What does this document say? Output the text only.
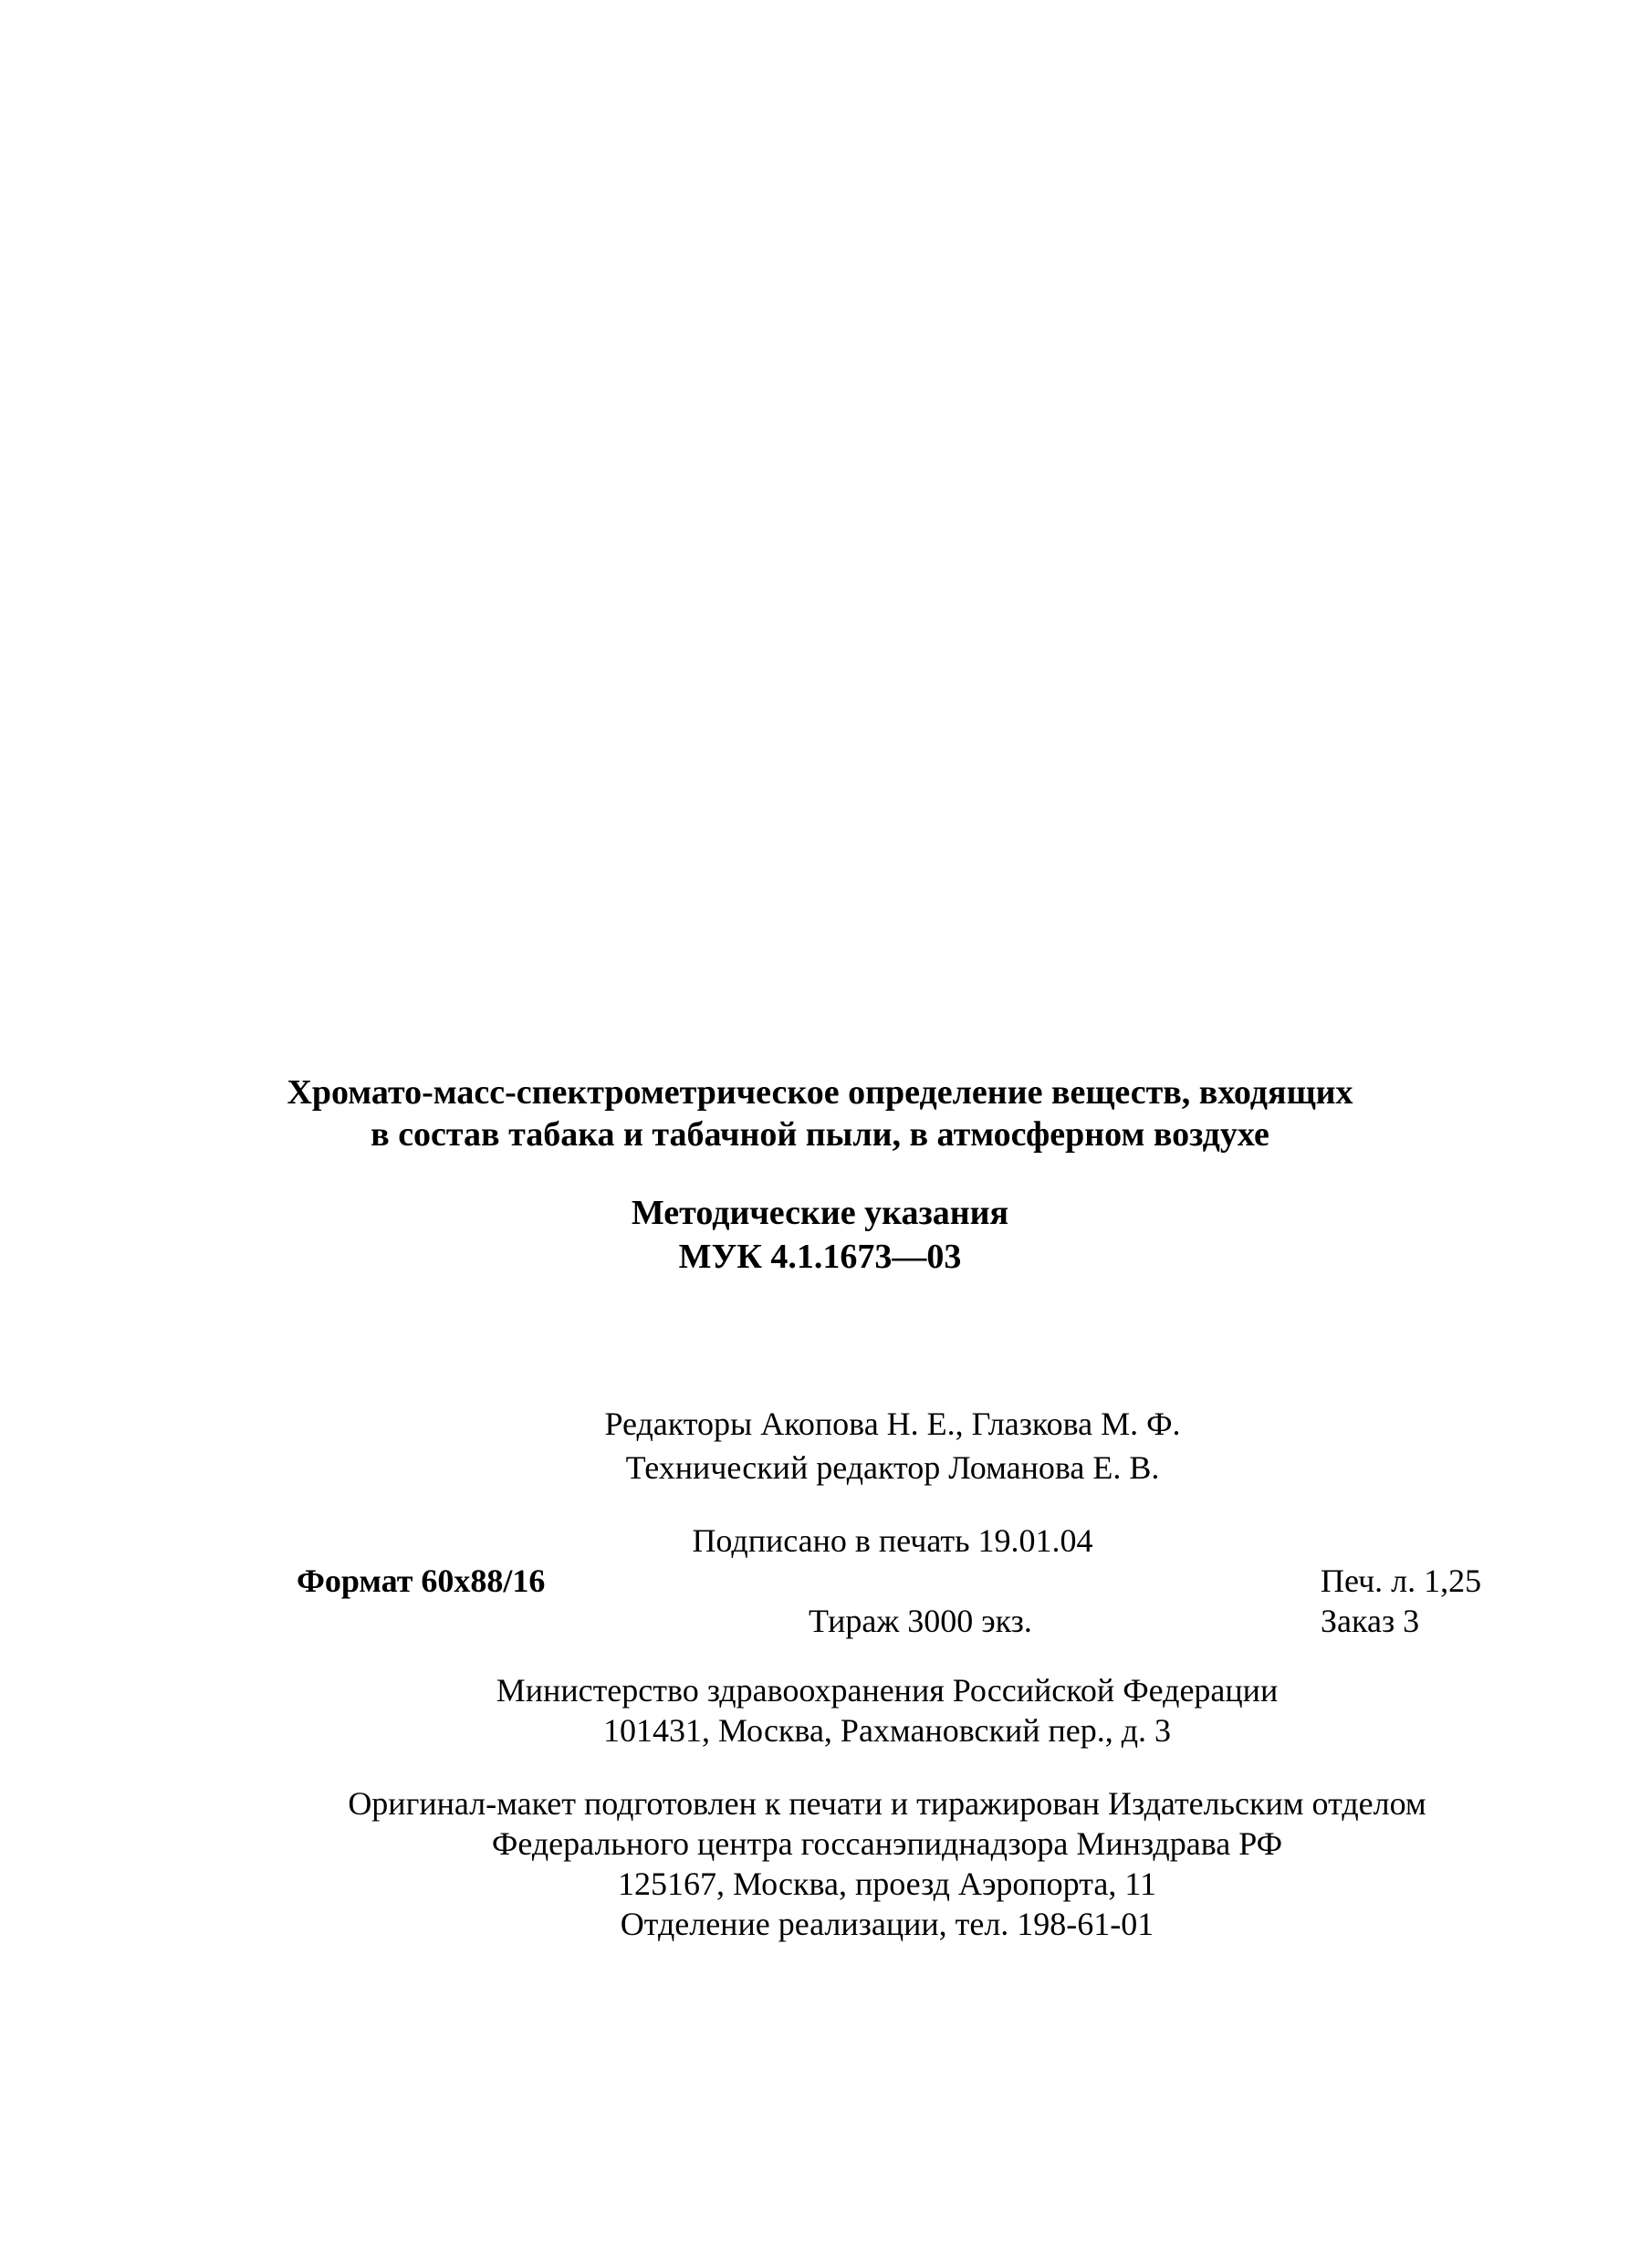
Хромато-масс-спектрометрическое определение веществ, входящих

в состав табака и табачной пыли, в атмосферном воздухе

Методические указания

МУК 4.1.1673—03

Редакторы Акопова Н. Е., Глазкова М. Ф.

Технический редактор Ломанова Е. В.

Подписано в печать 19.01.04

Формат 60x88/16	Печ. л. 1,25

Тираж 3000 экз.	Заказ 3

Министерство здравоохранения Российской Федерации

101431, Москва, Рахмановский пер., д. 3

Оригинал-макет подготовлен к печати и тиражирован Издательским отделом

Федерального центра госсанэпиднадзора Минздрава РФ

125167, Москва, проезд Аэропорта, 11

Отделение реализации, тел. 198-61-01
